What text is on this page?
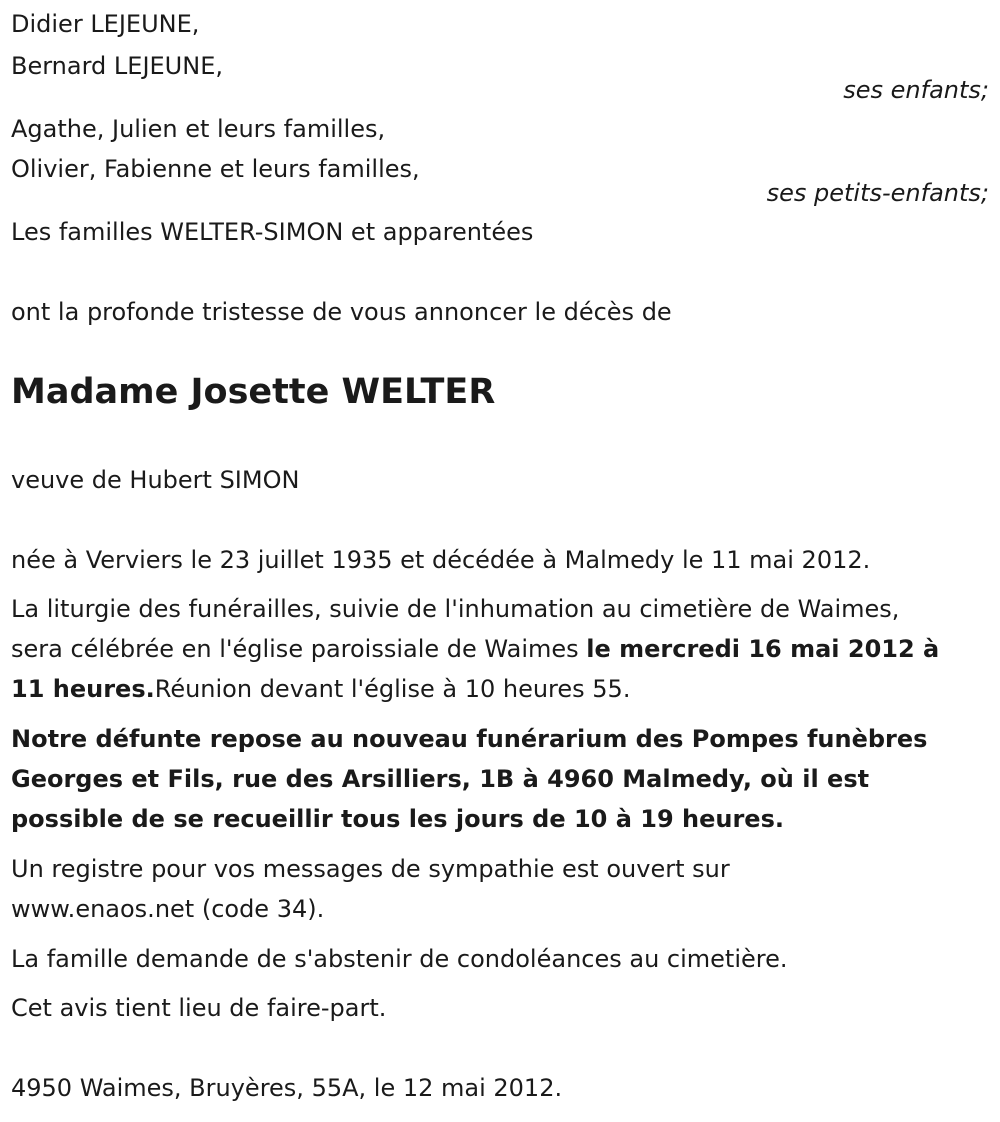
Didier LEJEUNE,
Bernard LEJEUNE,
ses enfants;
Agathe, Julien et leurs familles,
Olivier, Fabienne et leurs familles,
ses petits-enfants;
Les familles WELTER-SIMON et apparentées
ont la profonde tristesse de vous annoncer le décès de
Madame Josette WELTER
veuve de Hubert SIMON
née à Verviers le 23 juillet 1935 et décédée à Malmedy le 11 mai 2012.
La liturgie des funérailles, suivie de l'inhumation au cimetière de Waimes,
sera célébrée en l'église paroissiale de Waimes le mercredi 16 mai 2012 à
11 heures.Réunion devant l'église à 10 heures 55.
Notre défunte repose au nouveau funérarium des Pompes funèbres
Georges et Fils, rue des Arsilliers, 1B à 4960 Malmedy, où il est
possible de se recueillir tous les jours de 10 à 19 heures.
Un registre pour vos messages de sympathie est ouvert sur
www.enaos.net (code 34).
La famille demande de s'abstenir de condoléances au cimetière.
Cet avis tient lieu de faire-part.
4950 Waimes, Bruyères, 55A, le 12 mai 2012.
